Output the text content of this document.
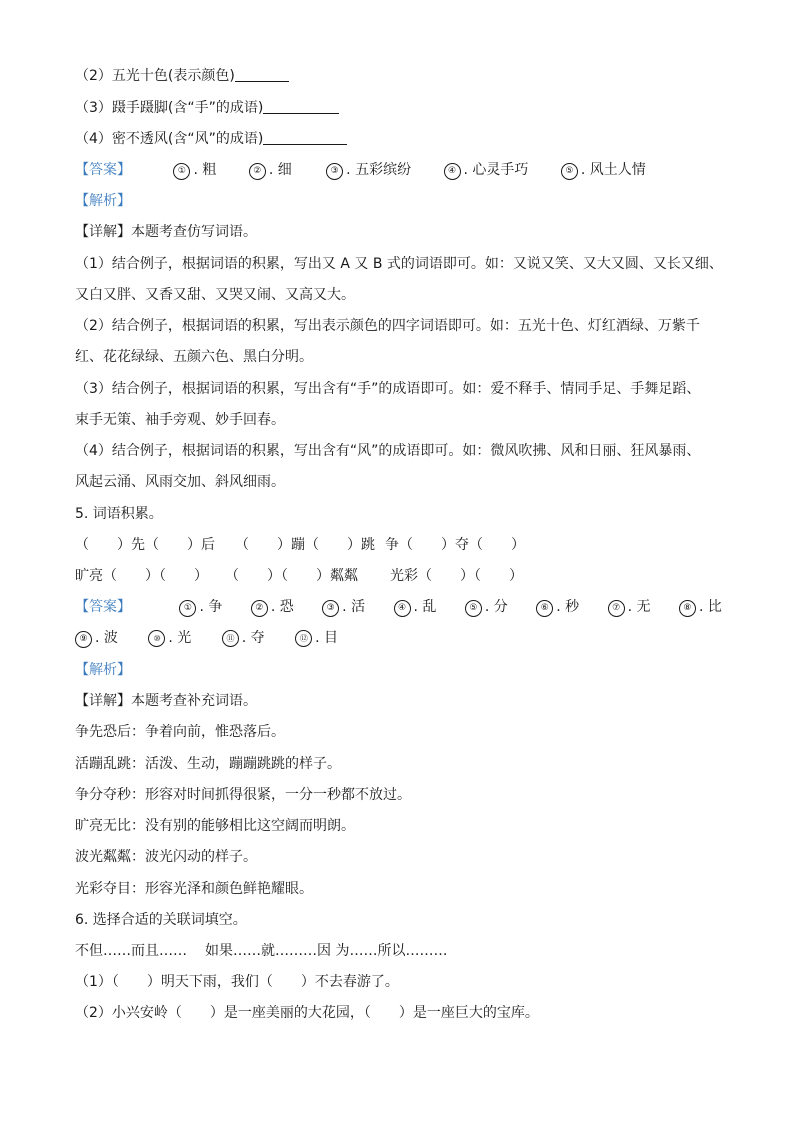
（2）五光十色(表示颜色)
（3）蹑手蹑脚(含“手”的成语)
（4）密不透风(含“风”的成语)
【答案】	① . 粗	② . 细	③ . 五彩缤纷	④ . 心灵手巧	⑤ . 风土人情
【解析】
【详解】本题考查仿写词语。
（1）结合例子，根据词语的积累，写出又 A 又 B 式的词语即可。如：又说又笑、又大又圆、又长又细、
又白又胖、又香又甜、又哭又闹、又高又大。
（2）结合例子，根据词语的积累，写出表示颜色的四字词语即可。如：五光十色、灯红酒绿、万紫千
红、花花绿绿、五颜六色、黑白分明。
（3）结合例子，根据词语的积累，写出含有“手”的成语即可。如：爱不释手、情同手足、手舞足蹈、
束手无策、袖手旁观、妙手回春。
（4）结合例子，根据词语的积累，写出含有“风”的成语即可。如：微风吹拂、风和日丽、狂风暴雨、
风起云涌、风雨交加、斜风细雨。
5. 词语积累。
（　　）先（　　）后 （　　）蹦（　　）跳 争（　　）夺（　　）
旷亮（　　）（　　） （　　）（　　）粼粼 光彩（　　）（　　）
【答案】	① . 争	② . 恐	③ . 活	④ . 乱	⑤ . 分	⑥ . 秒	⑦ . 无	⑧ . 比
⑨ . 波	⑩ . 光	⑪ . 夺	⑫ . 目
【解析】
【详解】本题考查补充词语。
争先恐后：争着向前，惟恐落后。
活蹦乱跳：活泼、生动，蹦蹦跳跳的样子。
争分夺秒：形容对时间抓得很紧，一分一秒都不放过。
旷亮无比：没有别的能够相比这空阔而明朗。
波光粼粼：波光闪动的样子。
光彩夺目：形容光泽和颜色鲜艳耀眼。
6. 选择合适的关联词填空。
不但……而且…… 如果……就………因 为……所以………
（1）（　　）明天下雨，我们（　　）不去春游了。
（2）小兴安岭（　　）是一座美丽的大花园，（　　）是一座巨大的宝库。
